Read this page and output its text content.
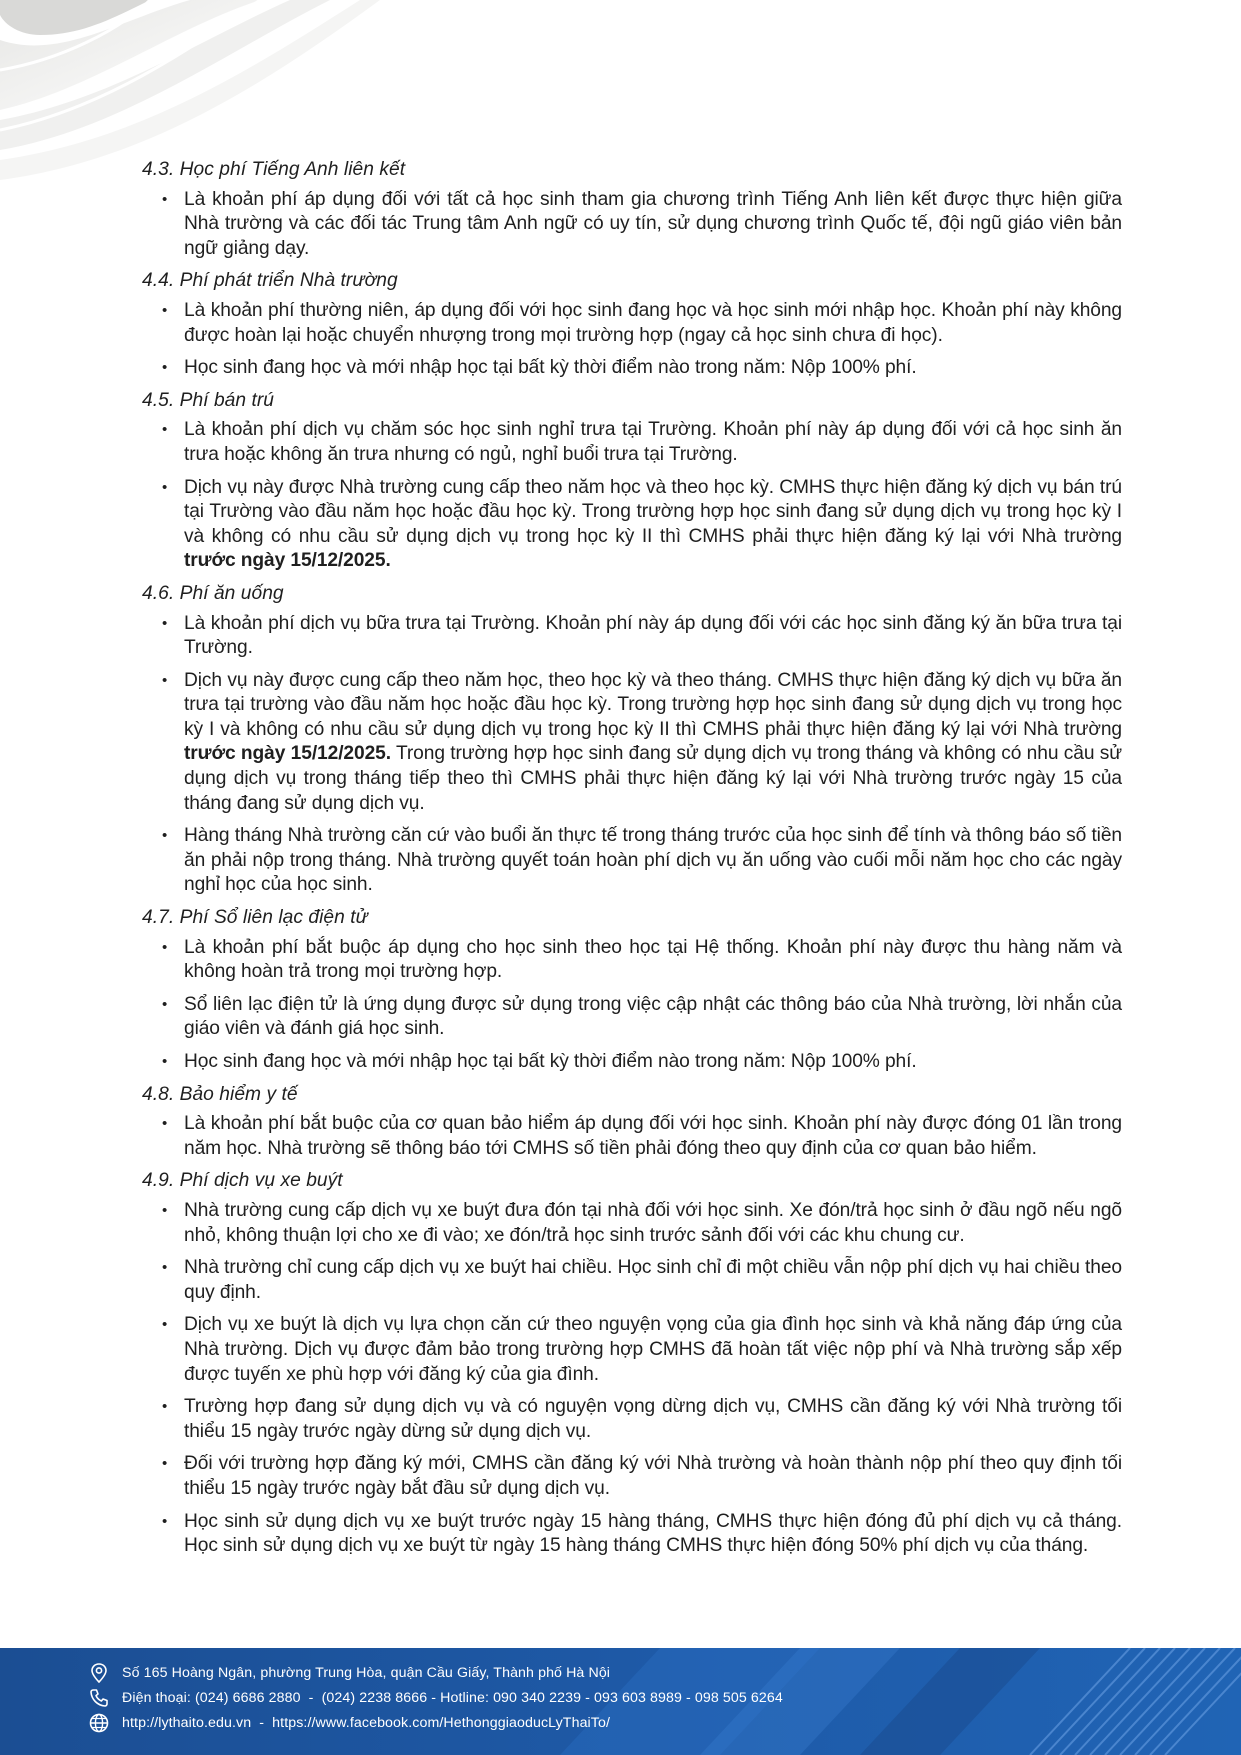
4.3. Học phí Tiếng Anh liên kết
• Là khoản phí áp dụng đối với tất cả học sinh tham gia chương trình Tiếng Anh liên kết được thực hiện giữa Nhà trường và các đối tác Trung tâm Anh ngữ có uy tín, sử dụng chương trình Quốc tế, đội ngũ giáo viên bản ngữ giảng dạy.
4.4. Phí phát triển Nhà trường
• Là khoản phí thường niên, áp dụng đối với học sinh đang học và học sinh mới nhập học. Khoản phí này không được hoàn lại hoặc chuyển nhượng trong mọi trường hợp (ngay cả học sinh chưa đi học).
• Học sinh đang học và mới nhập học tại bất kỳ thời điểm nào trong năm: Nộp 100% phí.
4.5. Phí bán trú
• Là khoản phí dịch vụ chăm sóc học sinh nghỉ trưa tại Trường. Khoản phí này áp dụng đối với cả học sinh ăn trưa hoặc không ăn trưa nhưng có ngủ, nghỉ buổi trưa tại Trường.
• Dịch vụ này được Nhà trường cung cấp theo năm học và theo học kỳ. CMHS thực hiện đăng ký dịch vụ bán trú tại Trường vào đầu năm học hoặc đầu học kỳ. Trong trường hợp học sinh đang sử dụng dịch vụ trong học kỳ I và không có nhu cầu sử dụng dịch vụ trong học kỳ II thì CMHS phải thực hiện đăng ký lại với Nhà trường trước ngày 15/12/2025.
4.6. Phí ăn uống
• Là khoản phí dịch vụ bữa trưa tại Trường. Khoản phí này áp dụng đối với các học sinh đăng ký ăn bữa trưa tại Trường.
• Dịch vụ này được cung cấp theo năm học, theo học kỳ và theo tháng. CMHS thực hiện đăng ký dịch vụ bữa ăn trưa tại trường vào đầu năm học hoặc đầu học kỳ. Trong trường hợp học sinh đang sử dụng dịch vụ trong học kỳ I và không có nhu cầu sử dụng dịch vụ trong học kỳ II thì CMHS phải thực hiện đăng ký lại với Nhà trường trước ngày 15/12/2025. Trong trường hợp học sinh đang sử dụng dịch vụ trong tháng và không có nhu cầu sử dụng dịch vụ trong tháng tiếp theo thì CMHS phải thực hiện đăng ký lại với Nhà trường trước ngày 15 của tháng đang sử dụng dịch vụ.
• Hàng tháng Nhà trường căn cứ vào buổi ăn thực tế trong tháng trước của học sinh để tính và thông báo số tiền ăn phải nộp trong tháng. Nhà trường quyết toán hoàn phí dịch vụ ăn uống vào cuối mỗi năm học cho các ngày nghỉ học của học sinh.
4.7. Phí Sổ liên lạc điện tử
• Là khoản phí bắt buộc áp dụng cho học sinh theo học tại Hệ thống. Khoản phí này được thu hàng năm và không hoàn trả trong mọi trường hợp.
• Sổ liên lạc điện tử là ứng dụng được sử dụng trong việc cập nhật các thông báo của Nhà trường, lời nhắn của giáo viên và đánh giá học sinh.
• Học sinh đang học và mới nhập học tại bất kỳ thời điểm nào trong năm: Nộp 100% phí.
4.8. Bảo hiểm y tế
• Là khoản phí bắt buộc của cơ quan bảo hiểm áp dụng đối với học sinh. Khoản phí này được đóng 01 lần trong năm học. Nhà trường sẽ thông báo tới CMHS số tiền phải đóng theo quy định của cơ quan bảo hiểm.
4.9. Phí dịch vụ xe buýt
• Nhà trường cung cấp dịch vụ xe buýt đưa đón tại nhà đối với học sinh. Xe đón/trả học sinh ở đầu ngõ nếu ngõ nhỏ, không thuận lợi cho xe đi vào; xe đón/trả học sinh trước sảnh đối với các khu chung cư.
• Nhà trường chỉ cung cấp dịch vụ xe buýt hai chiều. Học sinh chỉ đi một chiều vẫn nộp phí dịch vụ hai chiều theo quy định.
• Dịch vụ xe buýt là dịch vụ lựa chọn căn cứ theo nguyện vọng của gia đình học sinh và khả năng đáp ứng của Nhà trường. Dịch vụ được đảm bảo trong trường hợp CMHS đã hoàn tất việc nộp phí và Nhà trường sắp xếp được tuyến xe phù hợp với đăng ký của gia đình.
• Trường hợp đang sử dụng dịch vụ và có nguyện vọng dừng dịch vụ, CMHS cần đăng ký với Nhà trường tối thiểu 15 ngày trước ngày dừng sử dụng dịch vụ.
• Đối với trường hợp đăng ký mới, CMHS cần đăng ký với Nhà trường và hoàn thành nộp phí theo quy định tối thiểu 15 ngày trước ngày bắt đầu sử dụng dịch vụ.
• Học sinh sử dụng dịch vụ xe buýt trước ngày 15 hàng tháng, CMHS thực hiện đóng đủ phí dịch vụ cả tháng. Học sinh sử dụng dịch vụ xe buýt từ ngày 15 hàng tháng CMHS thực hiện đóng 50% phí dịch vụ của tháng.
Số 165 Hoàng Ngân, phường Trung Hòa, quận Cầu Giấy, Thành phố Hà Nội
Điện thoại: (024) 6686 2880  -  (024) 2238 8666 - Hotline: 090 340 2239 - 093 603 8989 - 098 505 6264
http://lythaito.edu.vn  -  https://www.facebook.com/HethonggiaoducLyThaiTo/
